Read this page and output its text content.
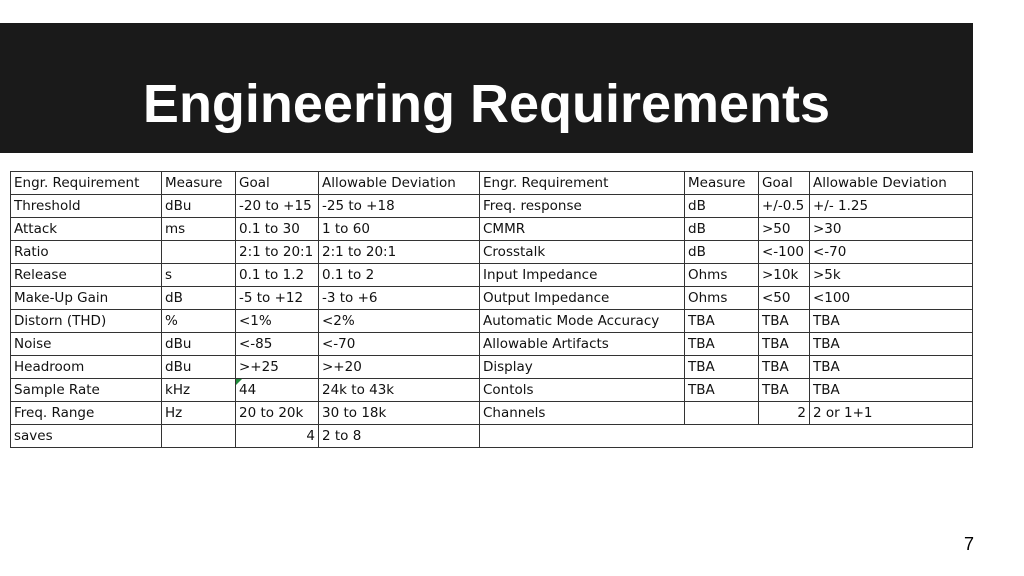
Engineering Requirements
Engr. Requirement	Measure	Goal	Allowable Deviation	Engr. Requirement	Measure	Goal	Allowable Deviation
Threshold	dBu	-20 to +15	-25 to +18	Freq. response	dB	+/-0.5	+/- 1.25
Attack	ms	0.1 to 30	1 to 60	CMMR	dB	>50	>30
Ratio		2:1 to 20:1	2:1 to 20:1	Crosstalk	dB	<-100	<-70
Release	s	0.1 to 1.2	0.1 to 2	Input Impedance	Ohms	>10k	>5k
Make-Up Gain	dB	-5 to +12	-3 to +6	Output Impedance	Ohms	<50	<100
Distorn (THD)	%	<1%	<2%	Automatic Mode Accuracy	TBA	TBA	TBA
Noise	dBu	<-85	<-70	Allowable Artifacts	TBA	TBA	TBA
Headroom	dBu	>+25	>+20	Display	TBA	TBA	TBA
Sample Rate	kHz	44	24k to 43k	Contols	TBA	TBA	TBA
Freq. Range	Hz	20 to 20k	30 to 18k	Channels		2	2 or 1+1
saves		4	2 to 8				
7
